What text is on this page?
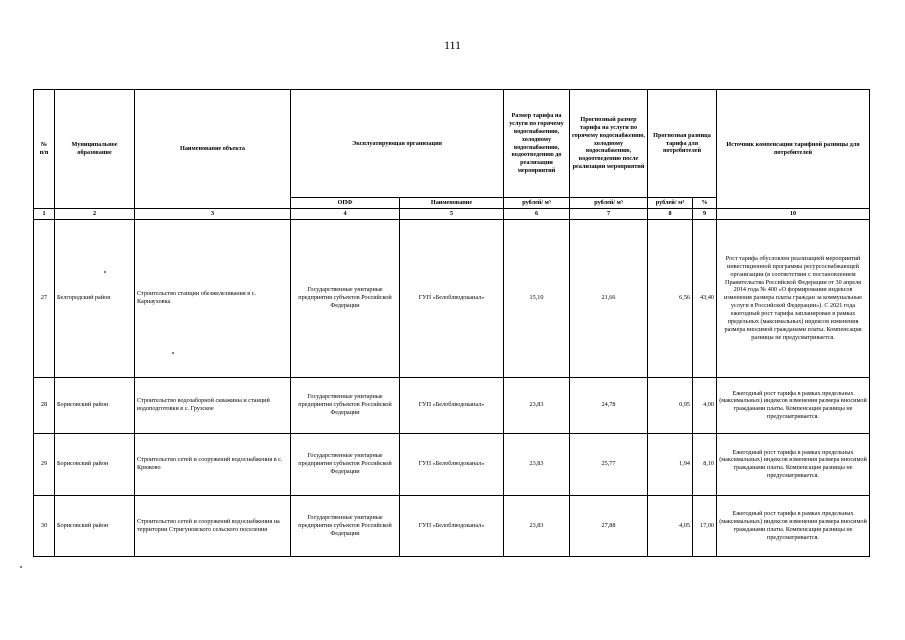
111
№
п/п	Муниципальное образование	Наименование объекта	Эксплуатирующая организация		Размер тарифа на услуги по горячему водоснабжению, холодному водоснабжению, водоотведению до реализации мероприятий	Прогнозный размер тарифа на услуги по горячему водоснабжению, холодному водоснабжению, водоотведению после реализации мероприятий	Прогнозная разница тарифа для потребителей		Источник компенсации тарифной разницы для потребителей
			ОПФ	Наименование	рублей/ м³	рублей/ м³	рублей/ м³	%	
1	2	3	4	5	6	7	8	9	10
27	Белгородский район	Строительство станции обезжелезивания в с. Карнауховка	Государственные унитарные предприятия субъектов Российской Федерации	ГУП «Белоблводоканал»	15,10	21,66	6,56	43,40	Рост тарифа обусловлен реализацией мероприятий инвестиционной программы ресурсоснабжающей организации (в соответствии с постановлением Правительства Российской Федерации от 30 апреля 2014 года № 400 «О формировании индексов изменения размера платы граждан за коммунальные услуги в Российской Федерации»). С 2021 года ежегодный рост тарифа запланирован в рамках предельных (максимальных) индексов изменения размера вносимой гражданами платы. Компенсация разницы не предусматривается.
28	Борисовский район	Строительство водозаборной скважины и станций водоподготовки в с. Грузское	Государственные унитарные предприятия субъектов Российской Федерации	ГУП «Белоблводоканал»	23,83	24,78	0,95	4,00	Ежегодный рост тарифа в рамках предельных (максимальных) индексов изменения размера вносимой гражданами платы. Компенсация разницы не предусматривается.
29	Борисовский район	Строительство сетей и сооружений водоснабжения в с. Крюково	Государственные унитарные предприятия субъектов Российской Федерации	ГУП «Белоблводоканал»	23,83	25,77	1,94	8,10	Ежегодный рост тарифа в рамках предельных (максимальных) индексов изменения размера вносимой гражданами платы. Компенсация разницы не предусматривается.
30	Борисовский район	Строительство сетей и сооружений водоснабжения на территории Стригуновского сельского поселения	Государственные унитарные предприятия субъектов Российской Федерации	ГУП «Белоблводоканал»	23,83	27,88	4,05	17,00	Ежегодный рост тарифа в рамках предельных (максимальных) индексов изменения размера вносимой гражданами платы. Компенсация разницы не предусматривается.
